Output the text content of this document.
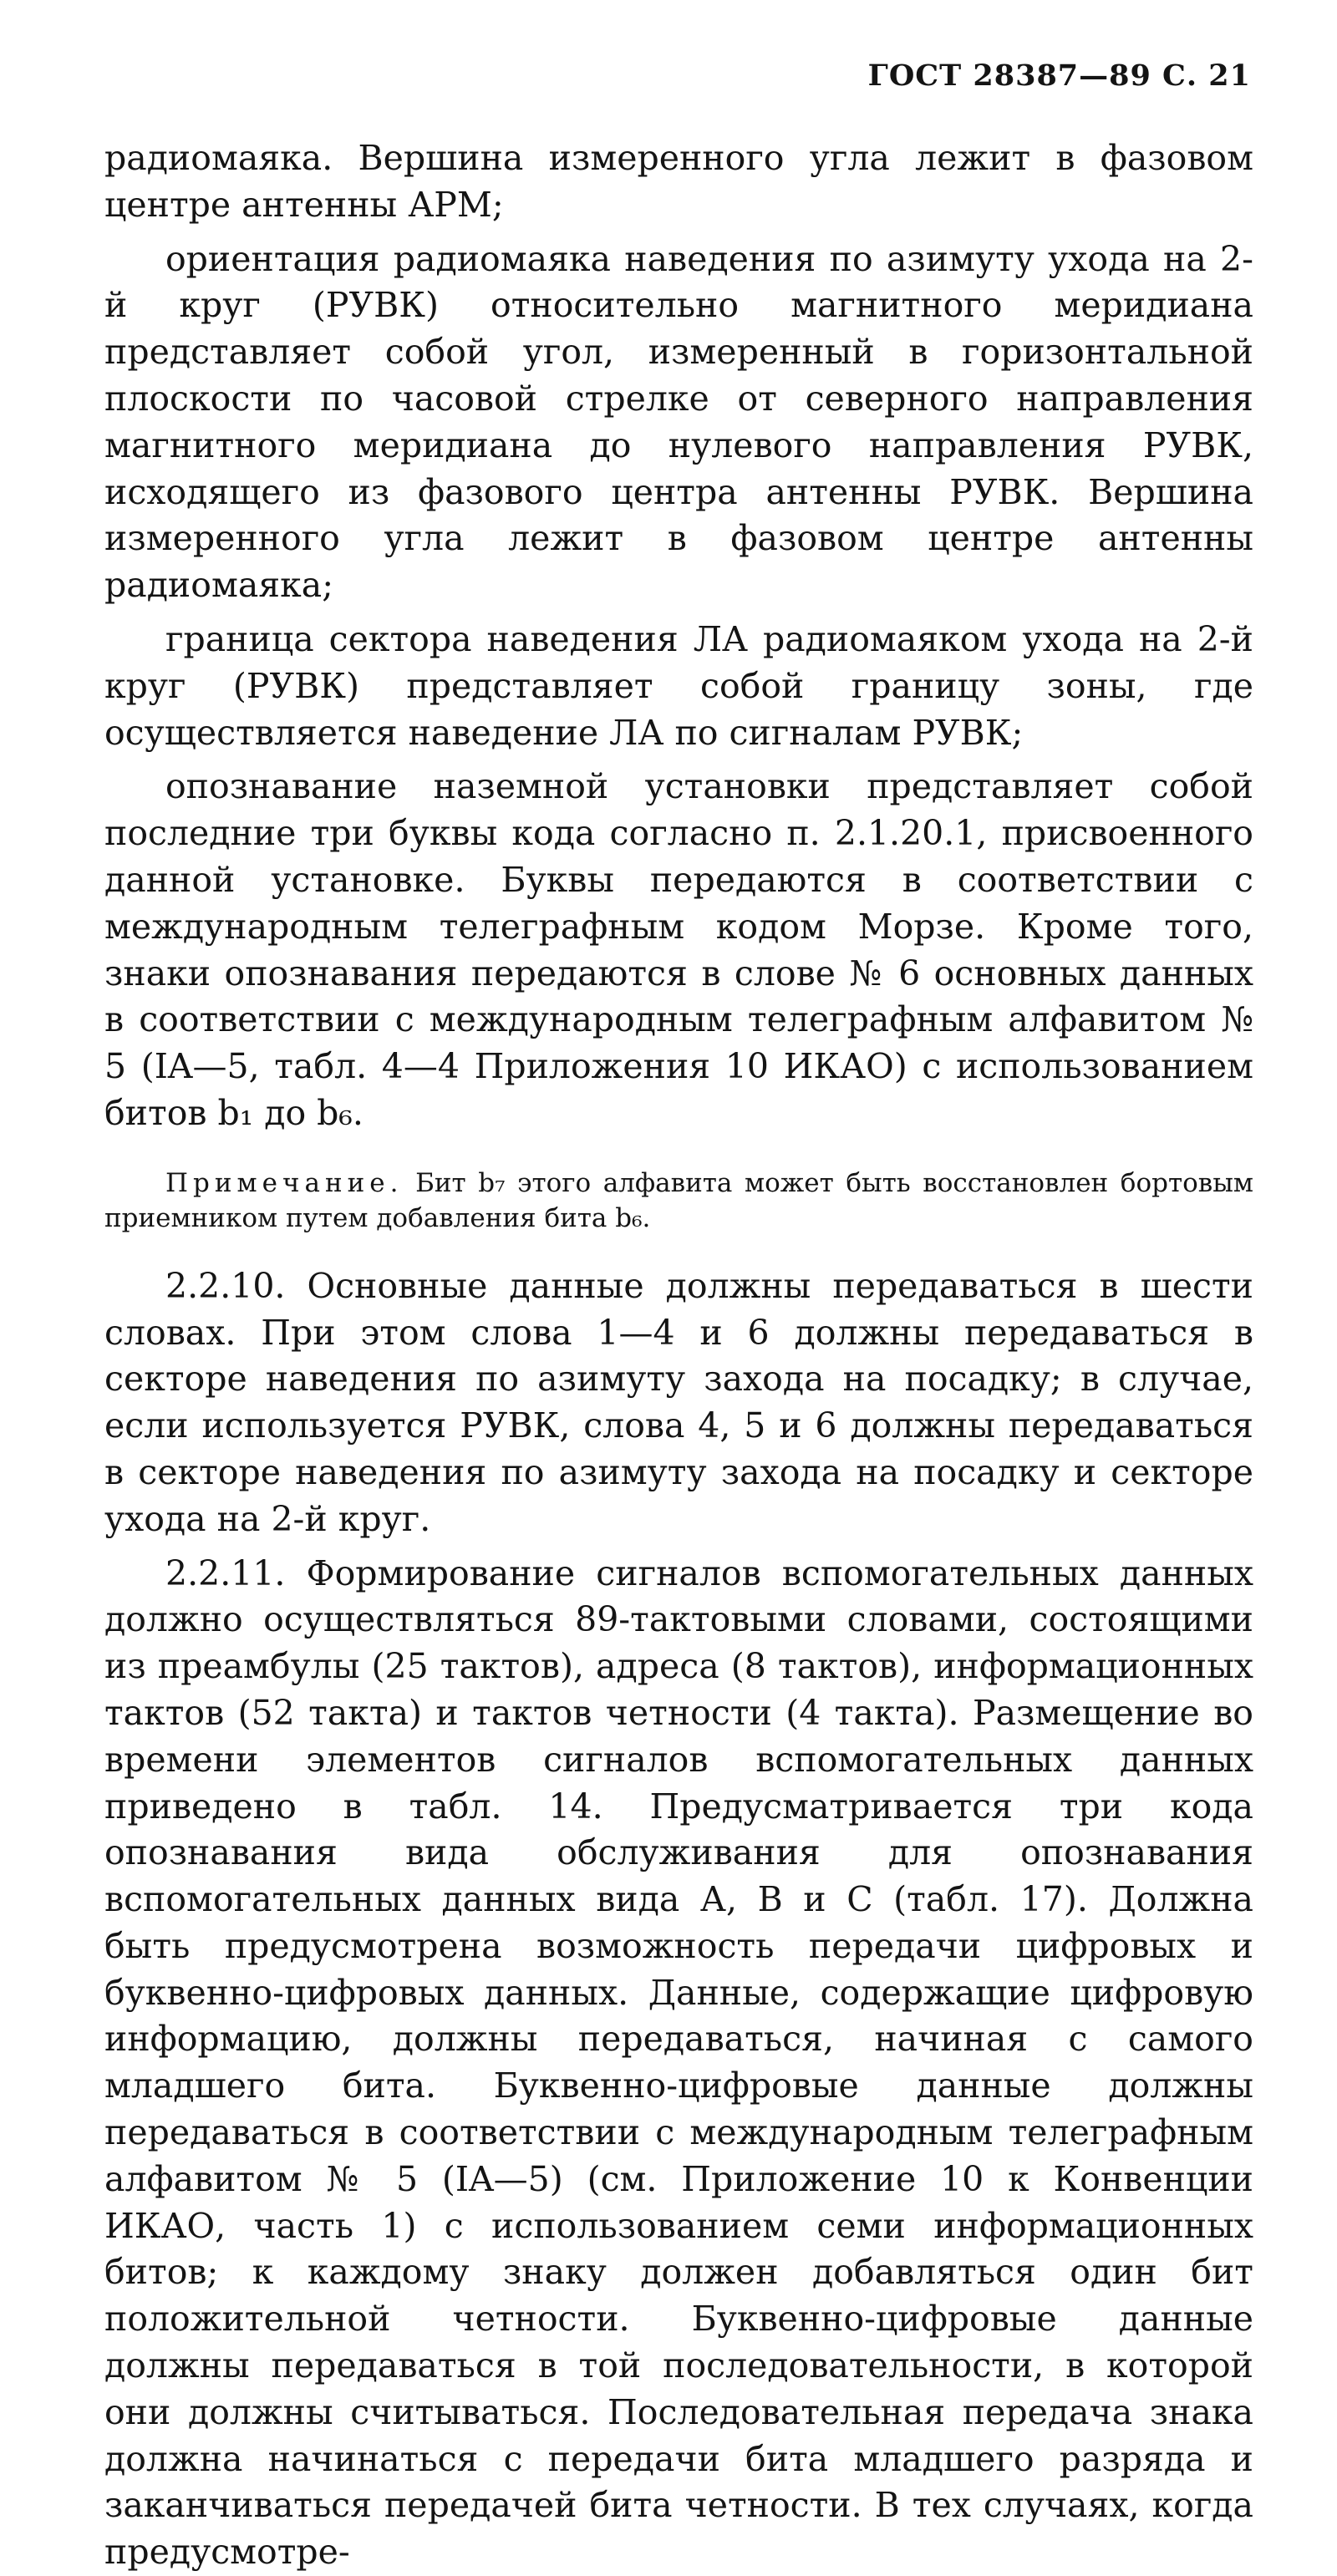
ГОСТ 28387—89 С. 21

радиомаяка. Вершина измеренного угла лежит в фазовом центре антенны АРМ;

ориентация радиомаяка наведения по азимуту ухода на 2-й круг (РУВК) относительно магнитного меридиана представляет собой угол, измеренный в горизонтальной плоскости по часовой стрелке от северного направления магнитного меридиана до нулевого направления РУВК, исходящего из фазового центра антенны РУВК. Вершина измеренного угла лежит в фазовом центре антенны радиомаяка;

граница сектора наведения ЛА радиомаяком ухода на 2-й круг (РУВК) представляет собой границу зоны, где осуществляется наведение ЛА по сигналам РУВК;

опознавание наземной установки представляет собой последние три буквы кода согласно п. 2.1.20.1, присвоенного данной установке. Буквы передаются в соответствии с международным телеграфным кодом Морзе. Кроме того, знаки опознавания передаются в слове № 6 основных данных в соответствии с международным телеграфным алфавитом № 5 (IA—5, табл. 4—4 Приложения 10 ИКАО) с использованием битов b₁ до b₆.

Примечание. Бит b₇ этого алфавита может быть восстановлен бортовым приемником путем добавления бита b₆.

2.2.10. Основные данные должны передаваться в шести словах. При этом слова 1—4 и 6 должны передаваться в секторе наведения по азимуту захода на посадку; в случае, если используется РУВК, слова 4, 5 и 6 должны передаваться в секторе наведения по азимуту захода на посадку и секторе ухода на 2-й круг.

2.2.11. Формирование сигналов вспомогательных данных должно осуществляться 89-тактовыми словами, состоящими из преамбулы (25 тактов), адреса (8 тактов), информационных тактов (52 такта) и тактов четности (4 такта). Размещение во времени элементов сигналов вспомогательных данных приведено в табл. 14. Предусматривается три кода опознавания вида обслуживания для опознавания вспомогательных данных вида А, В и С (табл. 17). Должна быть предусмотрена возможность передачи цифровых и буквенно-цифровых данных. Данные, содержащие цифровую информацию, должны передаваться, начиная с самого младшего бита. Буквенно-цифровые данные должны передаваться в соответствии с международным телеграфным алфавитом № 5 (IA—5) (см. Приложение 10 к Конвенции ИКАО, часть 1) с использованием семи информационных битов; к каждому знаку должен добавляться один бит положительной четности. Буквенно-цифровые данные должны передаваться в той последовательности, в которой они должны считываться. Последовательная передача знака должна начинаться с передачи бита младшего разряда и заканчиваться передачей бита четности. В тех случаях, когда предусмотре-
